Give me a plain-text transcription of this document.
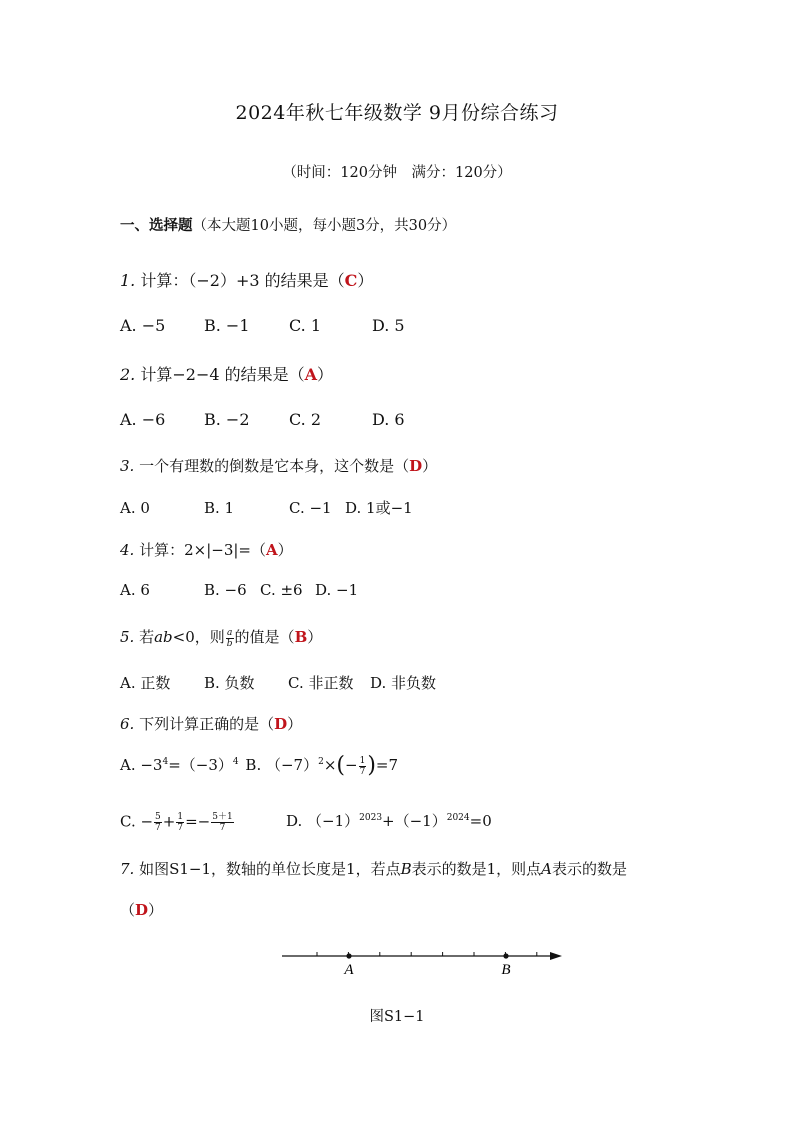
2024年秋七年级数学 9月份综合练习
（时间：120分钟　满分：120分）
一、选择题（本大题10小题，每小题3分，共30分）
1. 计算：（−2）+3 的结果是（C）
A. −5 B. −1 C. 1	D. 5
2. 计算−2−4 的结果是（A）
A. −6 B. −2 C. 2	D. 6
3. 一个有理数的倒数是它本身，这个数是（D）
A. 0	B. 1	C. −1 D. 1或−1
4. 计算：2×|−3|=（A）
A. 6	B. −6 C. ±6 D. −1
5. 若ab<0，则 $\frac{a}{b}$ 的值是（B）
A. 正数 B. 负数 C. 非正数 D. 非负数
6. 下列计算正确的是（D）
A. $-3^4=(-3)^4$ B. $(-7)^2\times(- \frac{1}{7} )=7$
C. − $\frac{5}{7} + \frac{1}{7} =- \frac{5+1}{7}$	D. $(-1)^{2023}+(-1)^{2024}=0$
7. 如图S1−1，数轴的单位长度是1，若点B表示的数是1，则点A表示的数是
（D）
A	B
图S1−1
